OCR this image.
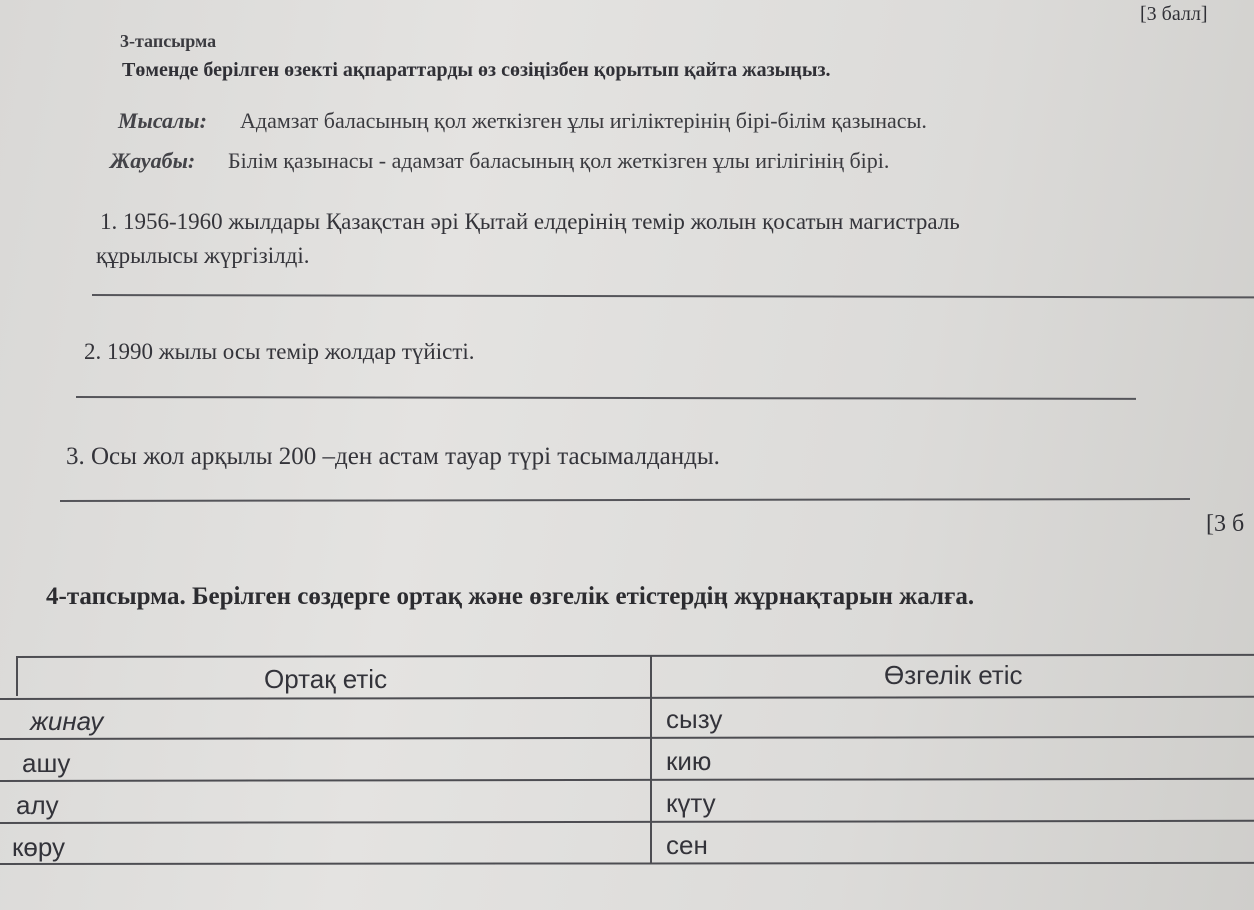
[3 балл]
3-тапсырма
Төменде берілген өзекті ақпараттарды өз сөзіңізбен қорытып қайта жазыңыз.
Мысалы: Адамзат баласының қол жеткізген ұлы игіліктерінің бірі-білім қазынасы.
Жауабы: Білім қазынасы - адамзат баласының қол жеткізген ұлы игілігінің бірі.
1. 1956-1960 жылдары Қазақстан әрі Қытай елдерінің темір жолын қосатын магистраль
құрылысы жүргізілді.
2. 1990 жылы осы темір жолдар түйісті.
3. Осы жол арқылы 200 –ден астам тауар түрі тасымалданды.
[3 б
4-тапсырма. Берілген сөздерге ортақ және өзгелік етістердің жұрнақтарын жалға.
Ортақ етіс	Өзгелік етіс
жинау	сызу
ашу	кию
алу	күту
көру	сен
